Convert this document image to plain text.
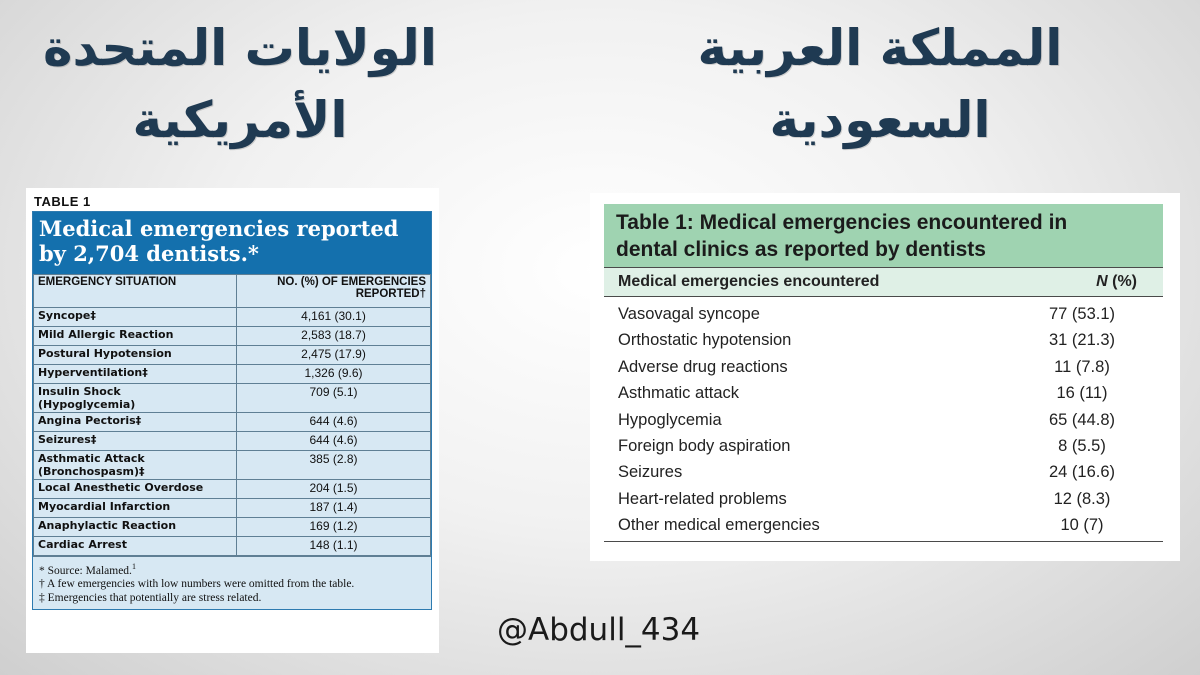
الولايات المتحدة
الأمريكية
المملكة العربية
السعودية
TABLE 1
Medical emergencies reported
by 2,704 dentists.*
EMERGENCY SITUATION	NO. (%) OF EMERGENCIES
REPORTED†

Syncope‡	4,161 (30.1)
Mild Allergic Reaction	2,583 (18.7)
Postural Hypotension	2,475 (17.9)
Hyperventilation‡	1,326 (9.6)

Insulin Shock
(Hypoglycemia)	709 (5.1)
Angina Pectoris‡	644 (4.6)
Seizures‡	644 (4.6)

Asthmatic Attack
(Bronchospasm)‡	385 (2.8)
Local Anesthetic Overdose	204 (1.5)
Myocardial Infarction	187 (1.4)
Anaphylactic Reaction	169 (1.2)
Cardiac Arrest	148 (1.1)
* Source: Malamed.$^1$
† A few emergencies with low numbers were omitted from the table.
‡ Emergencies that potentially are stress related.
Table 1: Medical emergencies encountered in
dental clinics as reported by dentists
Medical emergencies encountered	N (%)
Vasovagal syncope	77 (53.1)
Orthostatic hypotension	31 (21.3)
Adverse drug reactions	11 (7.8)
Asthmatic attack	16 (11)
Hypoglycemia	65 (44.8)
Foreign body aspiration	8 (5.5)
Seizures	24 (16.6)
Heart-related problems	12 (8.3)
Other medical emergencies	10 (7)
@Abdull_434
